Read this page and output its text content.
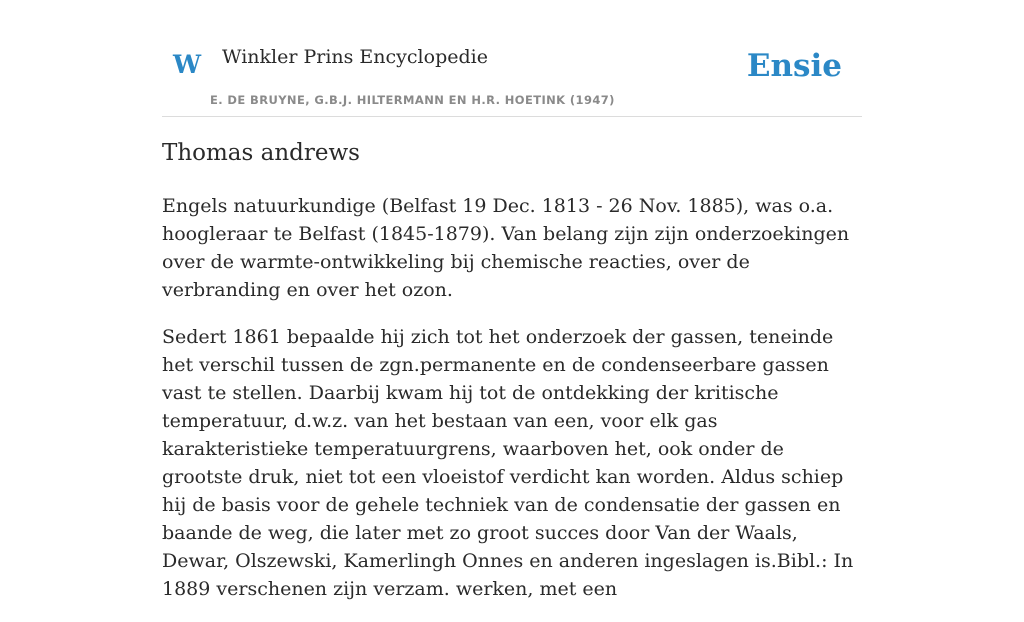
W Winkler Prins Encyclopedie
E. DE BRUYNE, G.B.J. HILTERMANN EN H.R. HOETINK (1947)
Ensie
Thomas andrews

Engels natuurkundige (Belfast 19 Dec. 1813 - 26 Nov. 1885), was o.a. hoogleraar te Belfast (1845-1879). Van belang zijn zijn onderzoekingen over de warmte-ontwikkeling bij chemische reacties, over de verbranding en over het ozon.

Sedert 1861 bepaalde hij zich tot het onderzoek der gassen, teneinde het verschil tussen de zgn.permanente en de condenseerbare gassen vast te stellen. Daarbij kwam hij tot de ontdekking der kritische temperatuur, d.w.z. van het bestaan van een, voor elk gas karakteristieke temperatuurgrens, waarboven het, ook onder de grootste druk, niet tot een vloeistof verdicht kan worden. Aldus schiep hij de basis voor de gehele techniek van de condensatie der gassen en baande de weg, die later met zo groot succes door Van der Waals, Dewar, Olszewski, Kamerlingh Onnes en anderen ingeslagen is.Bibl.: In 1889 verschenen zijn verzam. werken, met een
